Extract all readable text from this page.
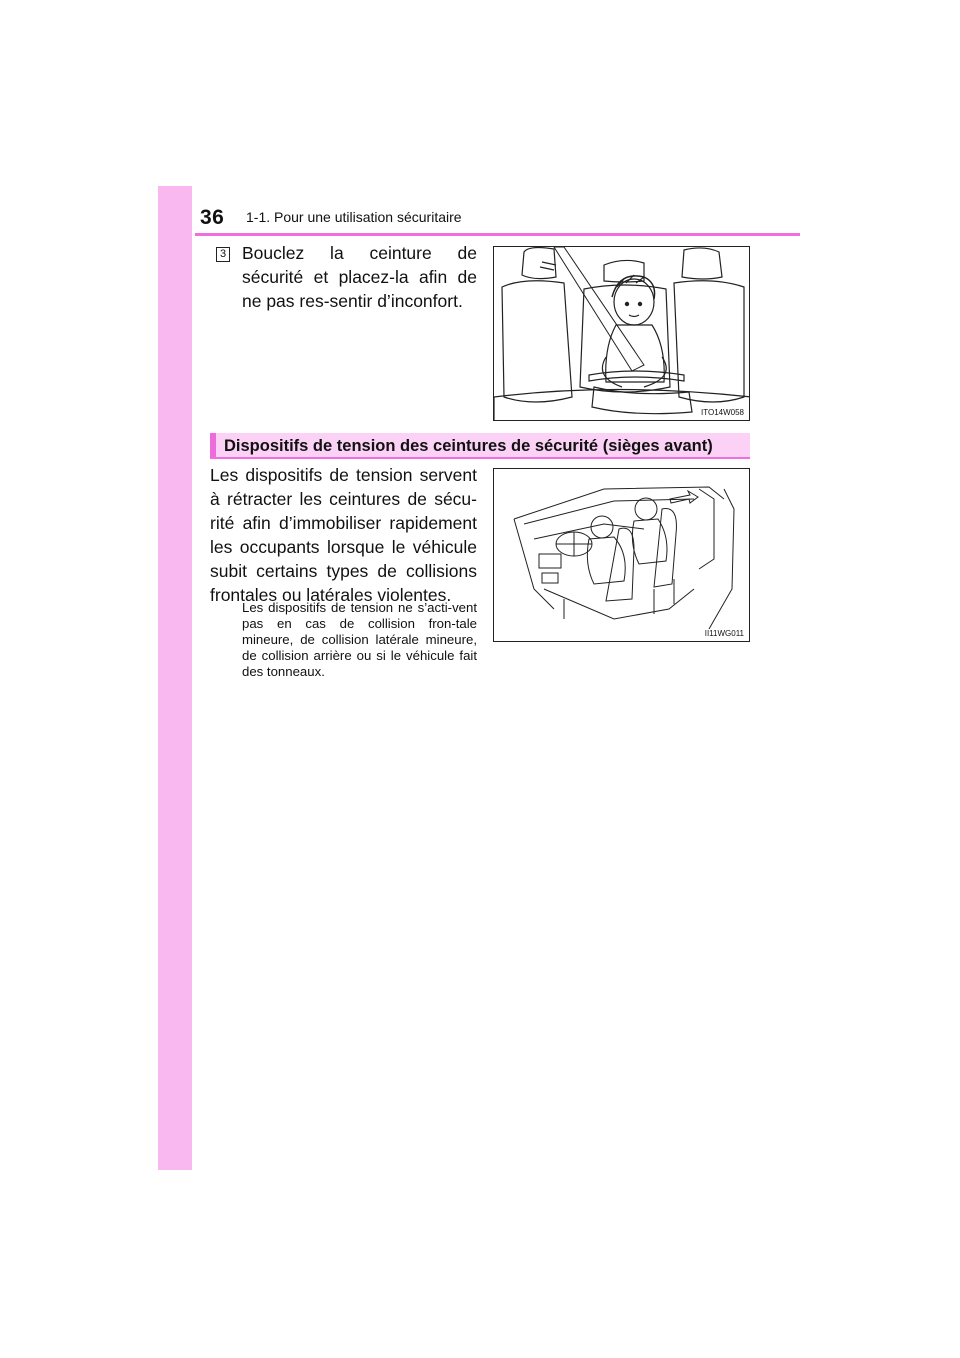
36 1-1. Pour une utilisation sécuritaire
3 Bouclez la ceinture de sécurité et placez-la afin de ne pas res-sentir d’inconfort.
ITO14W058
Dispositifs de tension des ceintures de sécurité (sièges avant)
Les dispositifs de tension servent à rétracter les ceintures de sécu-rité afin d’immobiliser rapidement les occupants lorsque le véhicule subit certains types de collisions frontales ou latérales violentes.
Les dispositifs de tension ne s’acti-vent pas en cas de collision fron-tale mineure, de collision latérale mineure, de collision arrière ou si le véhicule fait des tonneaux.
II11WG011
